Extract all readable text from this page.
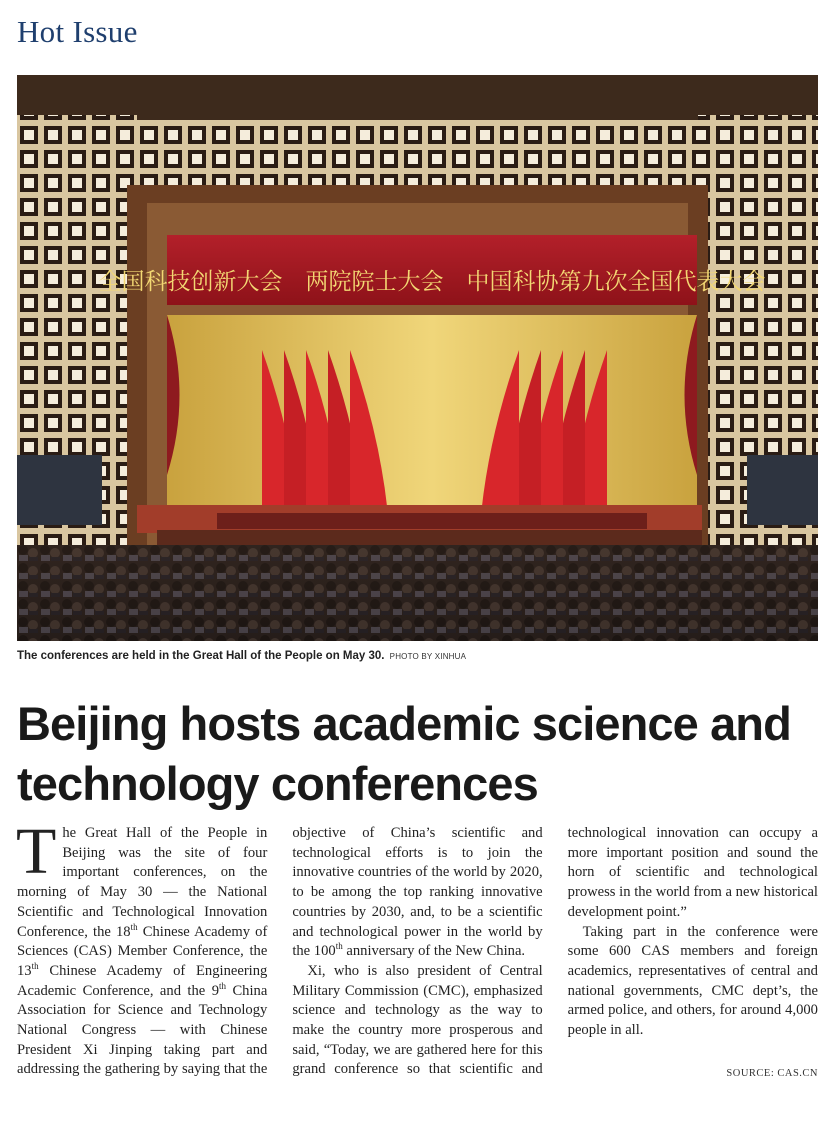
Hot Issue
全国科技创新大会　两院院士大会　中国科协第九次全国代表大会
The conferences are held in the Great Hall of the People on May 30. PHOTO BY XINHUA
Beijing hosts academic science and technology conferences

The Great Hall of the People in Beijing was the site of four important conferences, on the morning of May 30 — the National Scientific and Technological Innovation Conference, the 18th Chinese Academy of Sciences (CAS) Member Conference, the 13th Chinese Academy of Engineering Academic Conference, and the 9th China Association for Science and Technology National Congress — with Chinese President Xi Jinping taking part and addressing the gathering by saying that the objective of China’s scientific and technological efforts is to join the innovative countries of the world by 2020, to be among the top ranking innovative countries by 2030, and, to be a scientific and technological power in the world by the 100th anniversary of the New China.

Xi, who is also president of Central Military Commission (CMC), emphasized science and technology as the way to make the country more prosperous and said, “Today, we are gathered here for this grand conference so that scientific and technological innovation can occupy a more important position and sound the horn of scientific and technological prowess in the world from a new historical development point.”

Taking part in the conference were some 600 CAS members and foreign academics, representatives of central and national governments, CMC dept’s, the armed police, and others, for around 4,000 people in all.

SOURCE: CAS.CN
